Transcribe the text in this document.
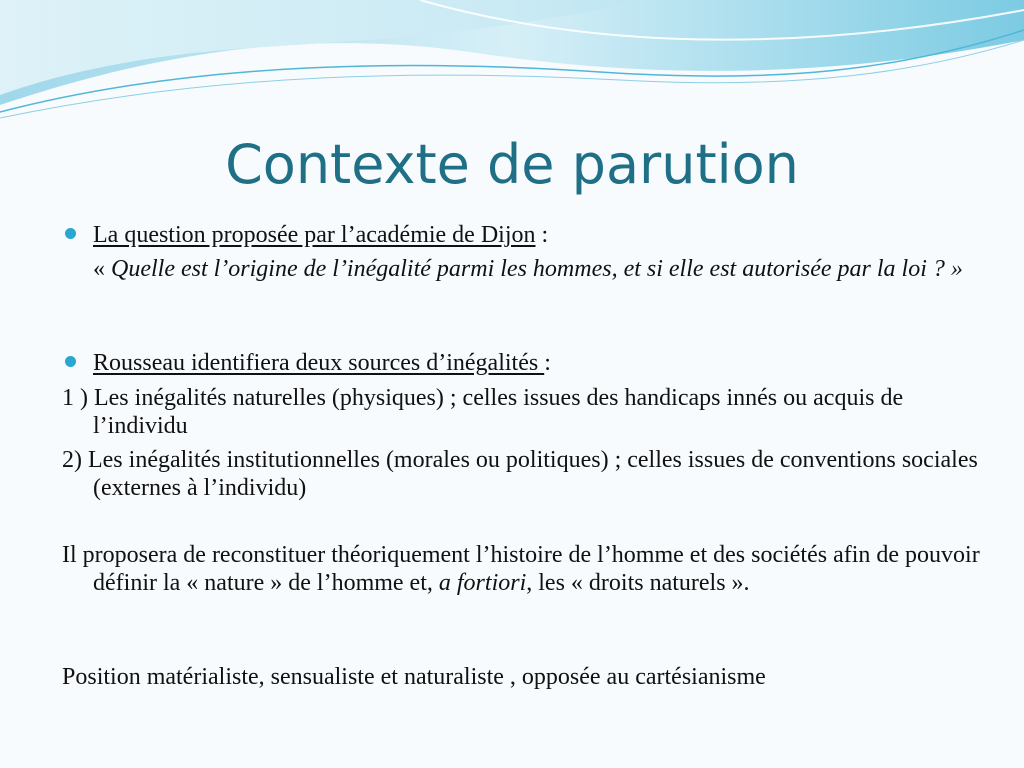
Contexte de parution
La question proposée par l’académie de Dijon :
« Quelle est l’origine de l’inégalité parmi les hommes, et si elle est autorisée par la loi ? »
Rousseau identifiera deux sources d’inégalités :
1 ) Les inégalités naturelles (physiques) ; celles issues des handicaps innés ou acquis de l’individu
2) Les inégalités institutionnelles (morales ou politiques) ; celles issues de conventions sociales (externes à l’individu)
Il proposera de reconstituer théoriquement l’histoire de l’homme et des sociétés afin de pouvoir définir la « nature » de l’homme et, a fortiori, les « droits naturels ».
Position matérialiste, sensualiste et naturaliste , opposée au cartésianisme
